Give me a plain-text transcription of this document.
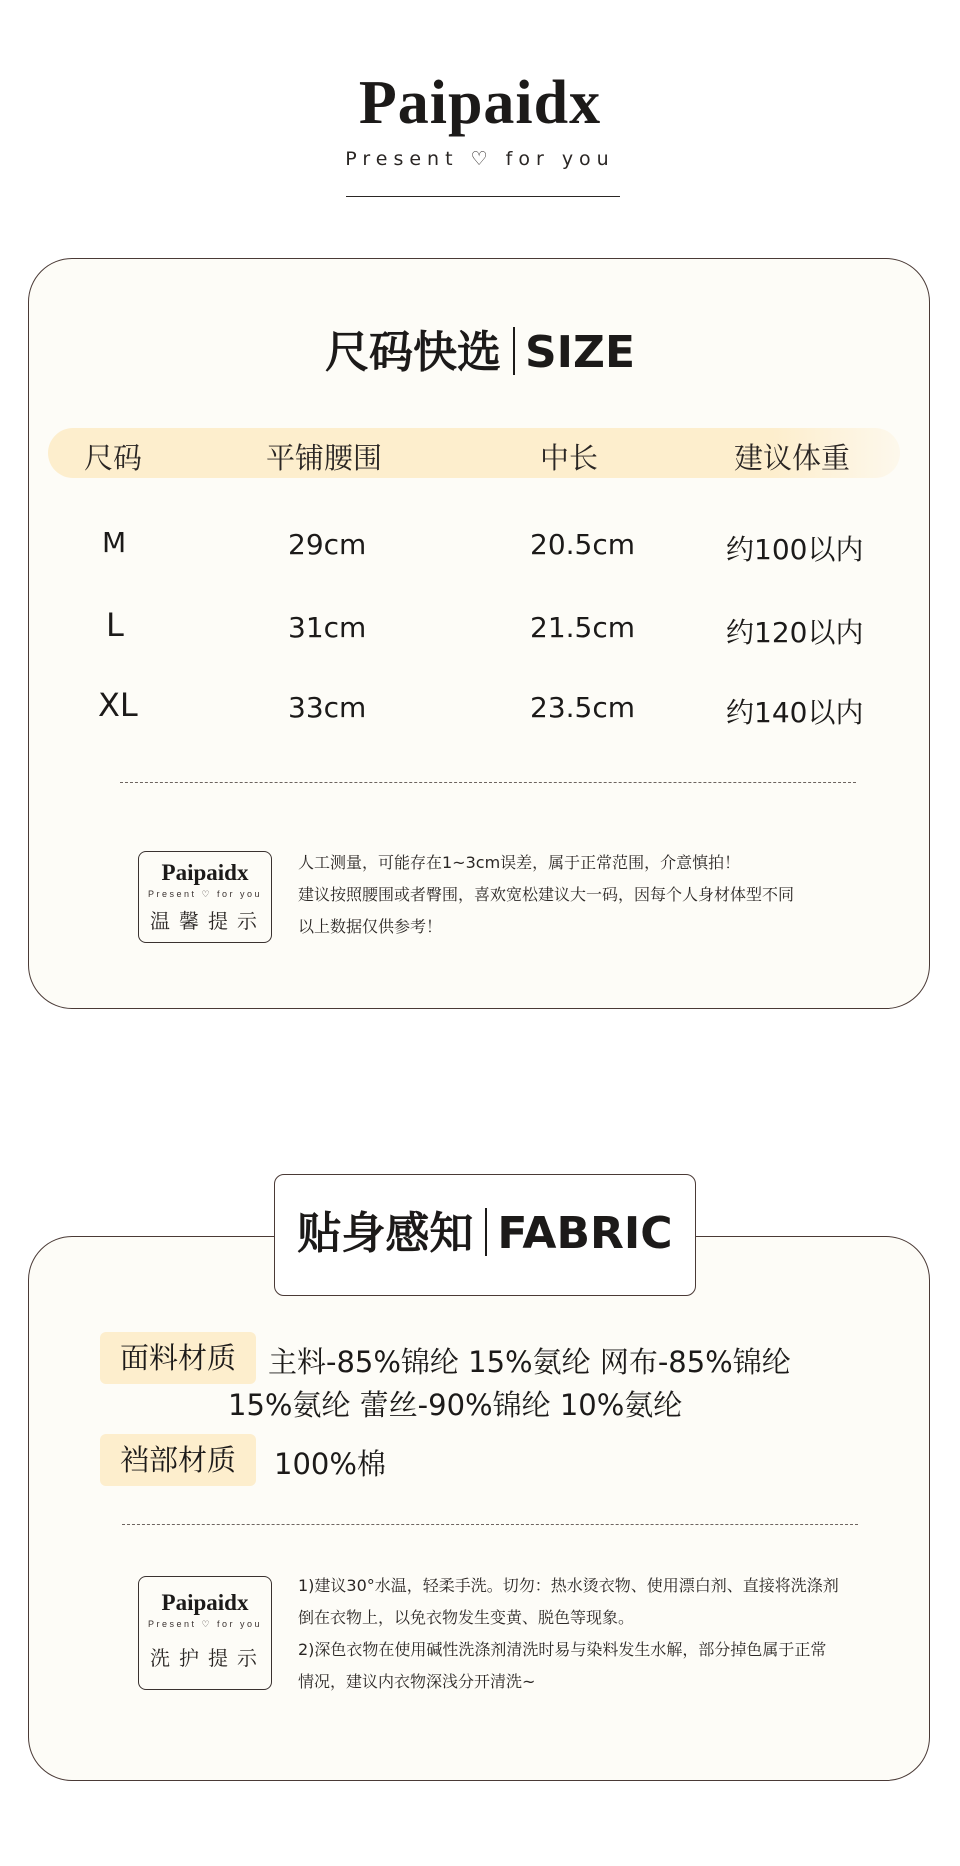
Paipaidx
Present ♡ for you
尺码快选 SIZE
尺码	平铺腰围	中长	建议体重
M	29cm	20.5cm	约100以内
L	31cm	21.5cm	约120以内
XL	33cm	23.5cm	约140以内
Paipaidx
Present ♡ for you
温馨提示
人工测量，可能存在1~3cm误差，属于正常范围，介意慎拍！
建议按照腰围或者臀围，喜欢宽松建议大一码，因每个人身材体型不同
以上数据仅供参考！
贴身感知 FABRIC
面料材质	主料-85%锦纶 15%氨纶 网布-85%锦纶
15%氨纶 蕾丝-90%锦纶 10%氨纶
裆部材质	100%棉
Paipaidx
Present ♡ for you
洗护提示
1)建议30°水温，轻柔手洗。切勿：热水烫衣物、使用漂白剂、直接将洗涤剂
倒在衣物上，以免衣物发生变黄、脱色等现象。
2)深色衣物在使用碱性洗涤剂清洗时易与染料发生水解，部分掉色属于正常
情况，建议内衣物深浅分开清洗~
